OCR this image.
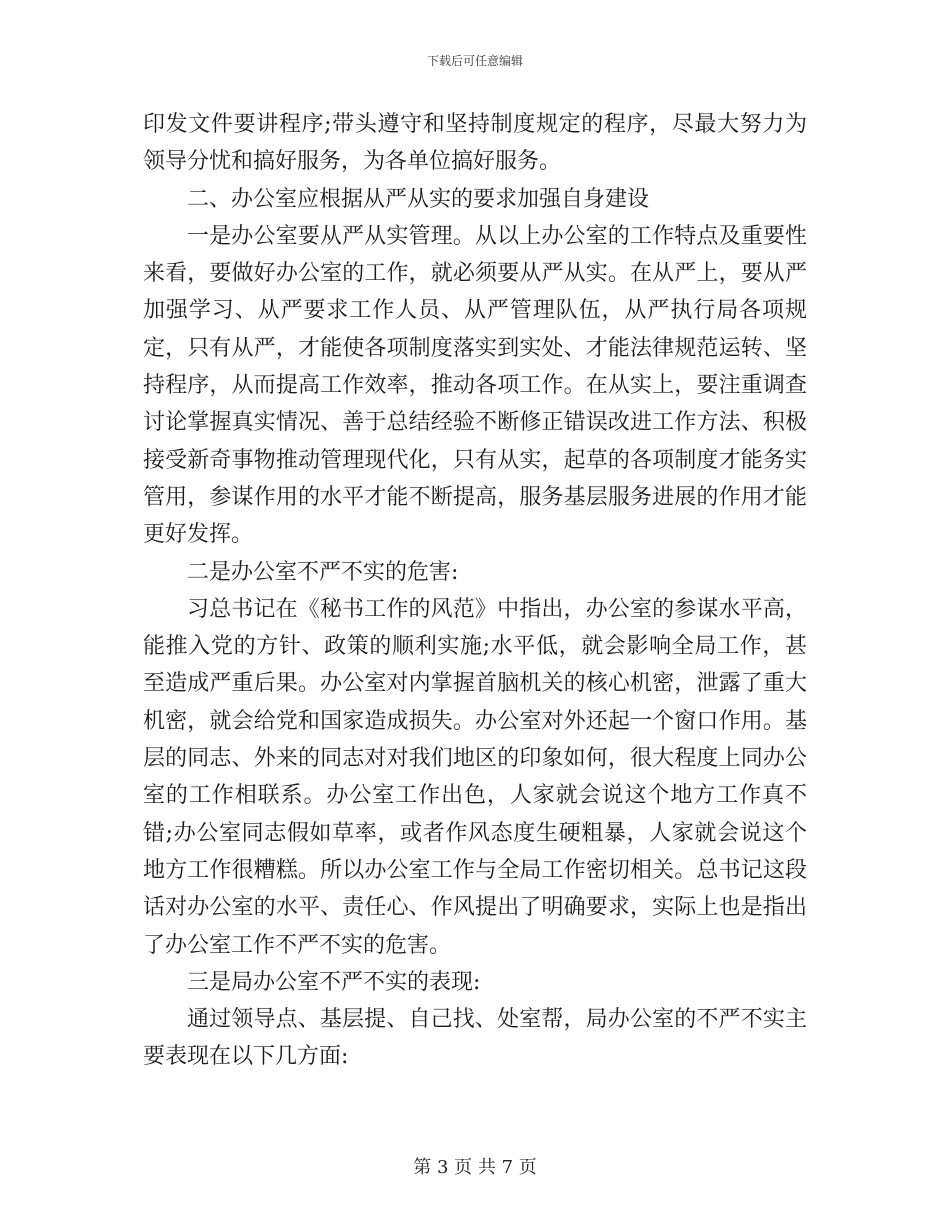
下载后可任意编辑

印发文件要讲程序;带头遵守和坚持制度规定的程序，尽最大努力为领导分忧和搞好服务，为各单位搞好服务。

二、办公室应根据从严从实的要求加强自身建设

一是办公室要从严从实管理。从以上办公室的工作特点及重要性来看，要做好办公室的工作，就必须要从严从实。在从严上，要从严加强学习、从严要求工作人员、从严管理队伍，从严执行局各项规定，只有从严，才能使各项制度落实到实处、才能法律规范运转、坚持程序，从而提高工作效率，推动各项工作。在从实上，要注重调查讨论掌握真实情况、善于总结经验不断修正错误改进工作方法、积极接受新奇事物推动管理现代化，只有从实，起草的各项制度才能务实管用，参谋作用的水平才能不断提高，服务基层服务进展的作用才能更好发挥。

二是办公室不严不实的危害:

习总书记在《秘书工作的风范》中指出，办公室的参谋水平高，能推入党的方针、政策的顺利实施;水平低，就会影响全局工作，甚至造成严重后果。办公室对内掌握首脑机关的核心机密，泄露了重大机密，就会给党和国家造成损失。办公室对外还起一个窗口作用。基层的同志、外来的同志对对我们地区的印象如何，很大程度上同办公室的工作相联系。办公室工作出色，人家就会说这个地方工作真不错;办公室同志假如草率，或者作风态度生硬粗暴，人家就会说这个地方工作很糟糕。所以办公室工作与全局工作密切相关。总书记这段话对办公室的水平、责任心、作风提出了明确要求，实际上也是指出了办公室工作不严不实的危害。

三是局办公室不严不实的表现:

通过领导点、基层提、自己找、处室帮，局办公室的不严不实主要表现在以下几方面:

第 3 页 共 7 页
